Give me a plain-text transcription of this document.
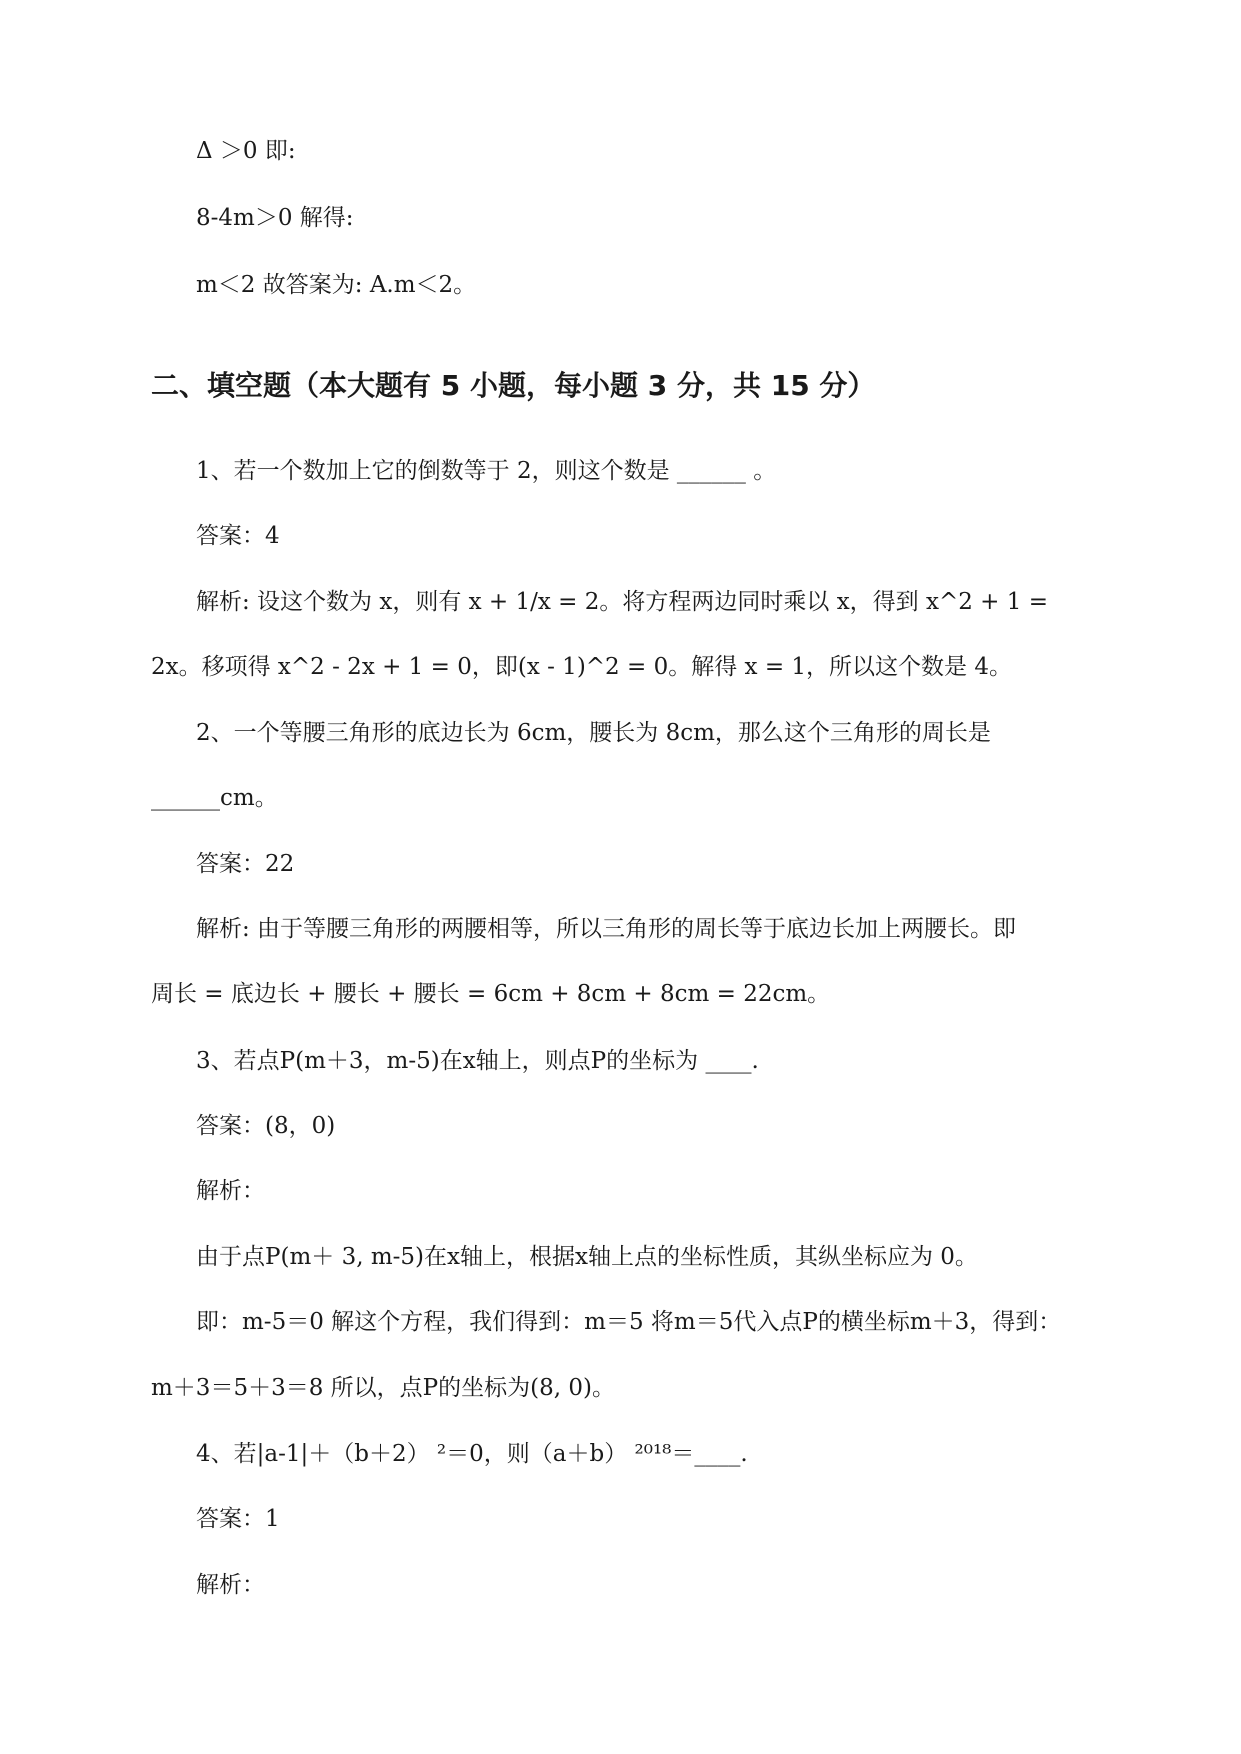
Δ ＞0 即:
8-4m＞0 解得:
m＜2 故答案为: A.m＜2。
二、填空题（本大题有 5 小题，每小题 3 分，共 15 分）
1、若一个数加上它的倒数等于 2，则这个数是 ______ 。
答案：4
解析: 设这个数为 x，则有 x + 1/x = 2。将方程两边同时乘以 x，得到 x^2 + 1 =
2x。移项得 x^2 - 2x + 1 = 0，即(x - 1)^2 = 0。解得 x = 1，所以这个数是 4。
2、一个等腰三角形的底边长为 6cm，腰长为 8cm，那么这个三角形的周长是
______cm。
答案：22
解析: 由于等腰三角形的两腰相等，所以三角形的周长等于底边长加上两腰长。即
周长 = 底边长 + 腰长 + 腰长 = 6cm + 8cm + 8cm = 22cm。
3、若点P(m＋3，m-5)在x轴上，则点P的坐标为 ____.
答案：(8，0)
解析：
由于点P(m＋ 3, m-5)在x轴上，根据x轴上点的坐标性质，其纵坐标应为 0。
即：m-5＝0 解这个方程，我们得到：m＝5 将m＝5代入点P的横坐标m＋3，得到：
m＋3＝5＋3＝8 所以，点P的坐标为(8, 0)。
4、若|a-1|＋（b＋2） ²＝0，则（a＋b） ²⁰¹⁸＝____.
答案：1
解析：
